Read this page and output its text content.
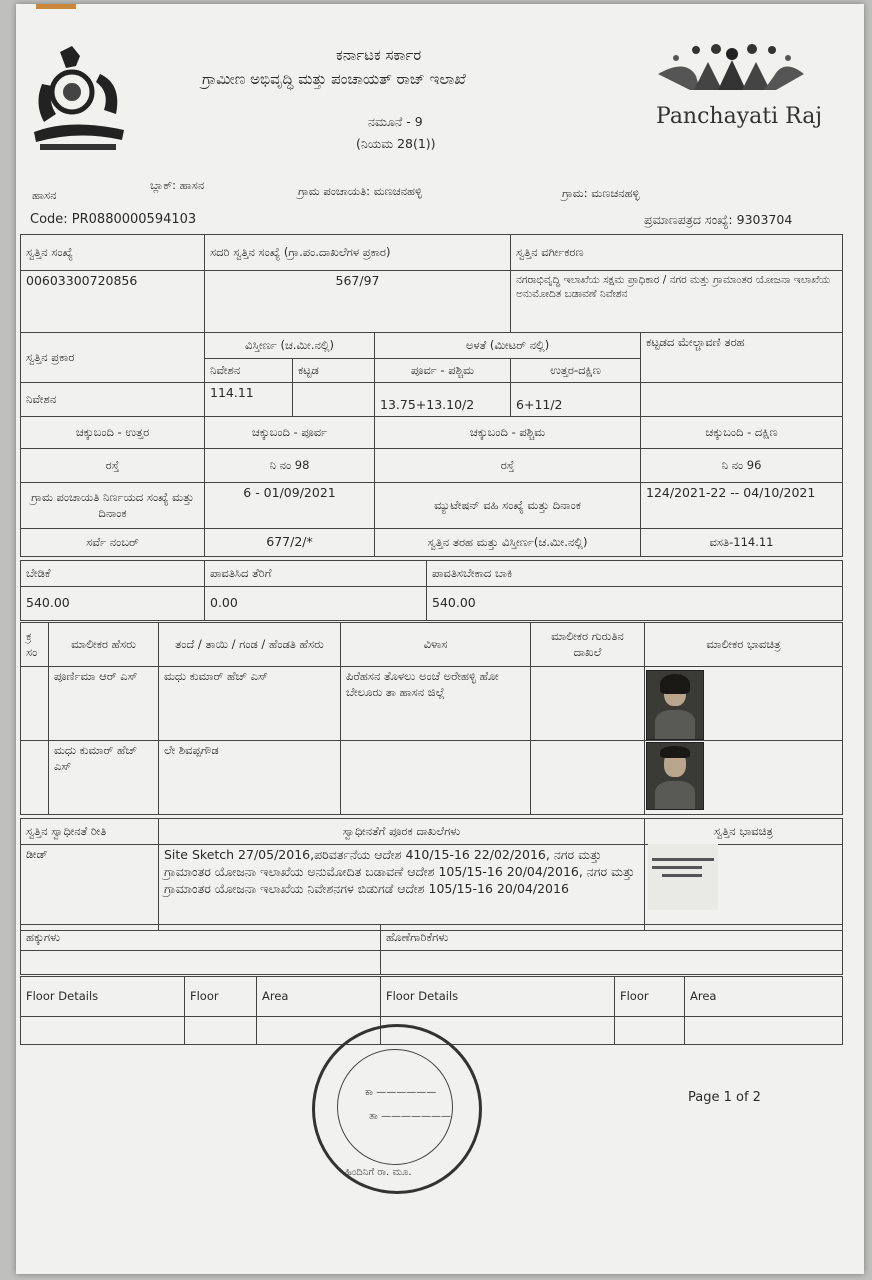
ಕರ್ನಾಟಕ ಸರ್ಕಾರ
ಗ್ರಾಮೀಣ ಅಭಿವೃದ್ಧಿ ಮತ್ತು ಪಂಚಾಯತ್ ರಾಜ್ ಇಲಾಖೆ
ನಮೂನೆ - 9
(ನಿಯಮ 28(1))
Panchayati Raj
ಹಾಸನ
ಬ್ಲಾಕ್: ಹಾಸನ	ಗ್ರಾಮ ಪಂಚಾಯತಿ: ಮಣಚನಹಳ್ಳಿ	ಗ್ರಾಮ: ಮಣಚನಹಳ್ಳಿ
Code: PR0880000594103	ಪ್ರಮಾಣಪತ್ರದ ಸಂಖ್ಯೆ: 9303704
ಸ್ವತ್ತಿನ ಸಂಖ್ಯೆ	ಸದರಿ ಸ್ವತ್ತಿನ ಸಂಖ್ಯೆ (ಗ್ರಾ.ಪಂ.ದಾಖಲೆಗಳ ಪ್ರಕಾರ)			ಸ್ವತ್ತಿನ ವರ್ಗೀಕರಣ	
00603300720856	567/97			ನಗರಾಭಿವೃದ್ಧಿ ಇಲಾಖೆಯ ಸಕ್ಷಮ ಪ್ರಾಧಿಕಾರ / ನಗರ ಮತ್ತು ಗ್ರಾಮಾಂತರ ಯೋಜನಾ ಇಲಾಖೆಯ ಅನುಮೋದಿತ ಬಡಾವಣೆ ನಿವೇಶನ	
ಸ್ವತ್ತಿನ ಪ್ರಕಾರ	ವಿಸ್ತೀರ್ಣ (ಚ.ಮೀ.ನಲ್ಲಿ)		ಅಳತೆ (ಮೀಟರ್ ನಲ್ಲಿ)		ಕಟ್ಟಡದ ಮೇಲ್ಚಾವಣಿ ತರಹ
	ನಿವೇಶನ	ಕಟ್ಟಡ	ಪೂರ್ವ - ಪಶ್ಚಿಮ	ಉತ್ತರ-ದಕ್ಷಿಣ	
ನಿವೇಶನ	114.11		13.75+13.10/2	6+11/2	
ಚಕ್ಕುಬಂದಿ - ಉತ್ತರ	ಚಕ್ಕುಬಂದಿ - ಪೂರ್ವ		ಚಕ್ಕುಬಂದಿ - ಪಶ್ಚಿಮ		ಚಕ್ಕುಬಂದಿ - ದಕ್ಷಿಣ
ರಸ್ತೆ	ನಿ ನಂ 98		ರಸ್ತೆ		ನಿ ನಂ 96
ಗ್ರಾಮ ಪಂಚಾಯತಿ ನಿರ್ಣಯದ ಸಂಖ್ಯೆ ಮತ್ತು ದಿನಾಂಕ	6 - 01/09/2021		ಮ್ಯುಟೇಷನ್ ವಹಿ ಸಂಖ್ಯೆ ಮತ್ತು ದಿನಾಂಕ		124/2021-22 -- 04/10/2021
ಸರ್ವೆ ನಂಬರ್	677/2/*		ಸ್ವತ್ತಿನ ತರಹ ಮತ್ತು ವಿಸ್ತೀರ್ಣ(ಚ.ಮೀ.ನಲ್ಲಿ)		ವಸತಿ-114.11
ಬೇಡಿಕೆ	ಪಾವತಿಸಿದ ತೆರಿಗೆ	ಪಾವತಿಸಬೇಕಾದ ಬಾಕಿ
540.00	0.00	540.00
ಕ್ರ ಸಂ	ಮಾಲೀಕರ ಹೆಸರು	ತಂದೆ / ತಾಯಿ / ಗಂಡ / ಹೆಂಡತಿ ಹೆಸರು	ವಿಳಾಸ	ಮಾಲೀಕರ ಗುರುತಿನ ದಾಖಲೆ	ಮಾಲೀಕರ ಭಾವಚಿತ್ರ
	ಪೂರ್ಣಿಮಾ ಆರ್ ಎಸ್	ಮಧು ಕುಮಾರ್ ಹೆಚ್ ಎಸ್	ಪಿರೆಹಸನ ತೊಳಲು ಅಂಚೆ ಅರೇಹಳ್ಳಿ ಹೋ ಬೇಲೂರು ತಾ ಹಾಸನ ಜಿಲ್ಲೆ		
	ಮಧು ಕುಮಾರ್ ಹೆಚ್ ಎಸ್	ಲೇ ಶಿವಪ್ಪಗೌಡ			
ಸ್ವತ್ತಿನ ಸ್ವಾಧೀನತೆ ರೀತಿ	ಸ್ವಾಧೀನತೆಗೆ ಪೂರಕ ದಾಖಲೆಗಳು	ಸ್ವತ್ತಿನ ಭಾವಚಿತ್ರ
ಡೀಡ್	Site Sketch 27/05/2016,ಪರಿವರ್ತನೆಯ ಆದೇಶ 410/15-16 22/02/2016, ನಗರ ಮತ್ತು ಗ್ರಾಮಾಂತರ ಯೋಜನಾ ಇಲಾಖೆಯ ಅನುಮೋದಿತ ಬಡಾವಣೆ ಆದೇಶ 105/15-16 20/04/2016, ನಗರ ಮತ್ತು ಗ್ರಾಮಾಂತರ ಯೋಜನಾ ಇಲಾಖೆಯ ನಿವೇಶನಗಳ ಬಿಡುಗಡೆ ಆದೇಶ 105/15-16 20/04/2016	
ಹಕ್ಕುಗಳು	ಹೊಣೆಗಾರಿಕೆಗಳು

Floor Details	Floor	Area	Floor Details	Floor	Area

ಕಾ ——————
ತಾ ———————
ಹಿಂದಿನಿಗೆ ರಾ. ಮೂ.
Page 1 of 2
